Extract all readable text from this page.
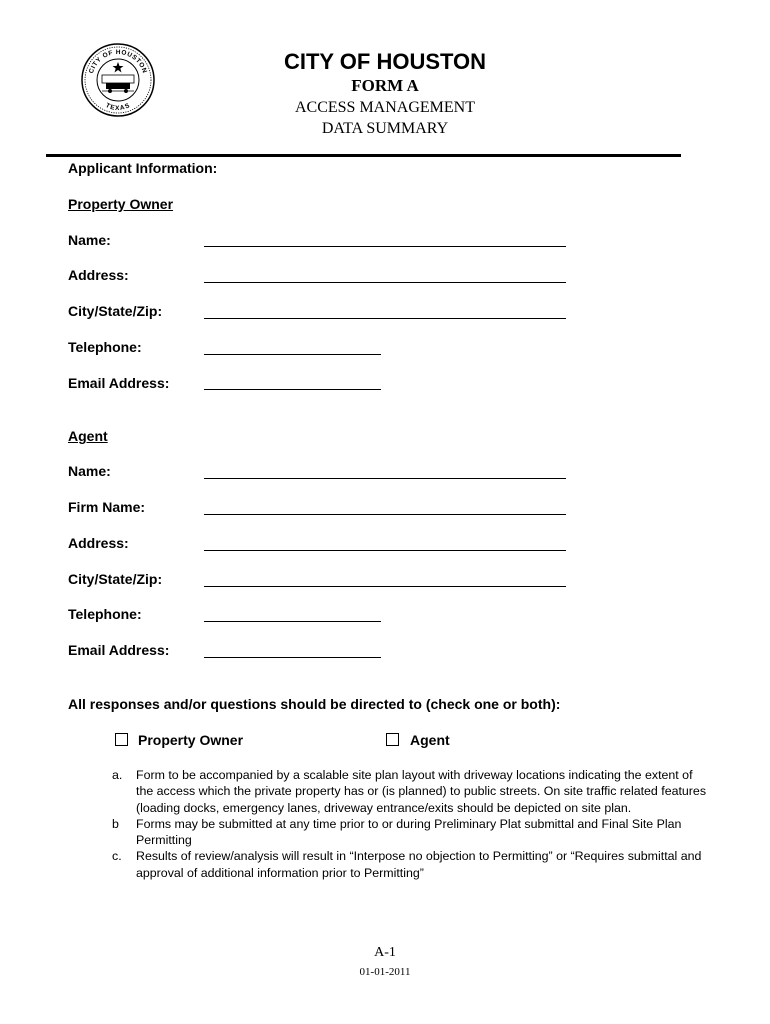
CITY OF HOUSTON
TEXAS
CITY OF HOUSTON
FORM A
ACCESS MANAGEMENT
DATA SUMMARY
Applicant Information:
Property Owner
Name:
Address:
City/State/Zip:
Telephone:
Email Address:
Agent
Name:
Firm Name:
Address:
City/State/Zip:
Telephone:
Email Address:
All responses and/or questions should be directed to (check one or both):
Property Owner	Agent
a. Form to be accompanied by a scalable site plan layout with driveway locations indicating the extent of the access which the private property has or (is planned) to public streets. On site traffic related features (loading docks, emergency lanes, driveway entrance/exits should be depicted on site plan.
b Forms may be submitted at any time prior to or during Preliminary Plat submittal and Final Site Plan Permitting
c. Results of review/analysis will result in “Interpose no objection to Permitting” or “Requires submittal and approval of additional information prior to Permitting”
A-1
01-01-2011
